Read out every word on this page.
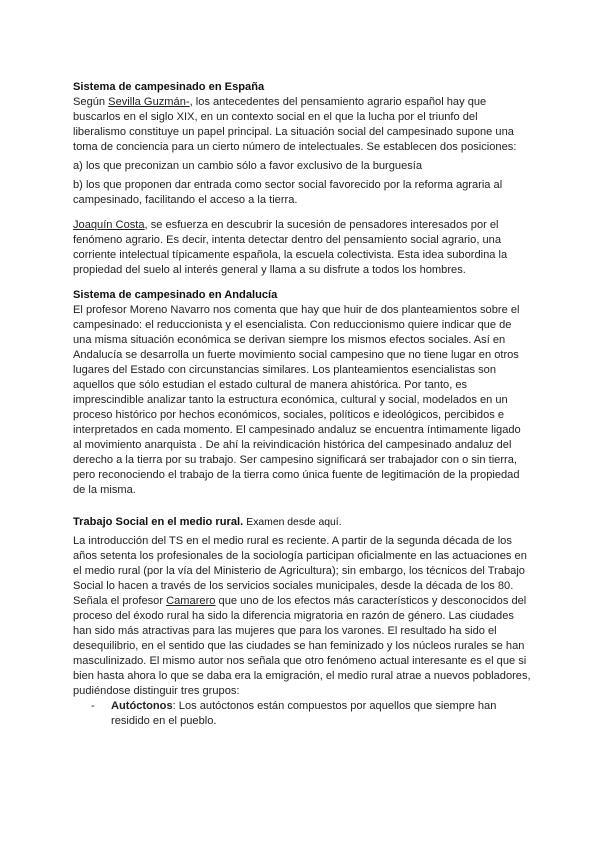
Sistema de campesinado en España

Según Sevilla Guzmán-, los antecedentes del pensamiento agrario español hay que buscarlos en el siglo XIX, en un contexto social en el que la lucha por el triunfo del liberalismo constituye un papel principal. La situación social del campesinado supone una toma de conciencia para un cierto número de intelectuales. Se establecen dos posiciones:

a) los que preconizan un cambio sólo a favor exclusivo de la burguesía

b) los que proponen dar entrada como sector social favorecido por la reforma agraria al campesinado, facilitando el acceso a la tierra.

Joaquín Costa, se esfuerza en descubrir la sucesión de pensadores interesados por el fenómeno agrario. Es decir, intenta detectar dentro del pensamiento social agrario, una corriente intelectual típicamente española, la escuela colectivista. Esta idea subordina la propiedad del suelo al interés general y llama a su disfrute a todos los hombres.

Sistema de campesinado en Andalucía

El profesor Moreno Navarro nos comenta que hay que huir de dos planteamientos sobre el campesinado: el reduccionista y el esencialista. Con reduccionismo quiere indicar que de una misma situación económica se derivan siempre los mismos efectos sociales. Así en Andalucía se desarrolla un fuerte movimiento social campesino que no tiene lugar en otros lugares del Estado con circunstancias similares. Los planteamientos esencialistas son aquellos que sólo estudian el estado cultural de manera ahistórica. Por tanto, es imprescindible analizar tanto la estructura económica, cultural y social, modelados en un proceso histórico por hechos económicos, sociales, políticos e ideológicos, percibidos e interpretados en cada momento. El campesinado andaluz se encuentra íntimamente ligado al movimiento anarquista . De ahí la reivindicación histórica del campesinado andaluz del derecho a la tierra por su trabajo. Ser campesino significará ser trabajador con o sin tierra, pero reconociendo el trabajo de la tierra como única fuente de legitimación de la propiedad de la misma.

Trabajo Social en el medio rural. Examen desde aquí.

La introducción del TS en el medio rural es reciente. A partir de la segunda década de los años setenta los profesionales de la sociología participan oficialmente en las actuaciones en el medio rural (por la vía del Ministerio de Agricultura); sin embargo, los técnicos del Trabajo Social lo hacen a través de los servicios sociales municipales, desde la década de los 80.

Señala el profesor Camarero que uno de los efectos más característicos y desconocidos del proceso del éxodo rural ha sido la diferencia migratoria en razón de género. Las ciudades han sido más atractivas para las mujeres que para los varones. El resultado ha sido el desequilibrio, en el sentido que las ciudades se han feminizado y los núcleos rurales se han masculinizado. El mismo autor nos señala que otro fenómeno actual interesante es el que si bien hasta ahora lo que se daba era la emigración, el medio rural atrae a nuevos pobladores, pudiéndose distinguir tres grupos:

-	Autóctonos: Los autóctonos están compuestos por aquellos que siempre han residido en el pueblo.
